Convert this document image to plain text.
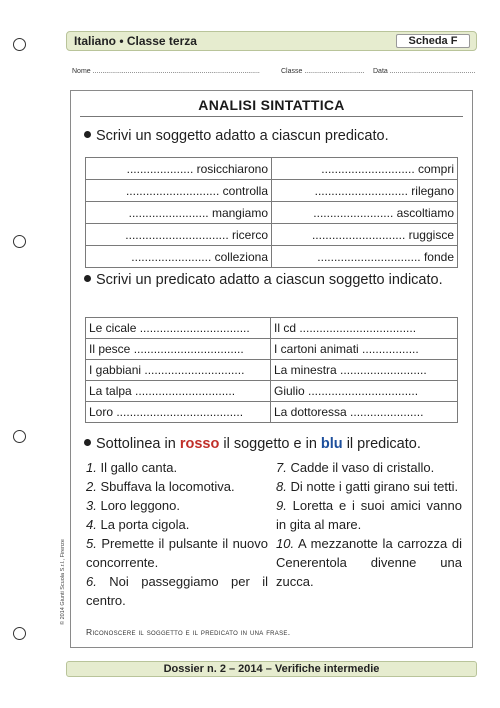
Italiano • Classe terza	Scheda F
Nome ......................................................................................	Classe ............................... Data ............................................
ANALISI SINTATTICA
Scrivi un soggetto adatto a ciascun predicato.
.................... rosicchiarono	............................ compri
............................ controlla	............................ rilegano
........................ mangiamo	........................ ascoltiamo
............................... ricerco	............................ ruggisce
........................ collezionа	............................... fonde
Scrivi un predicato adatto a ciascun soggetto indicato.
Le cicale .................................	Il cd ...................................
Il pesce .................................	I cartoni animati .................
I gabbiani ..............................	La minestra ..........................
La talpa ..............................	Giulio .................................
Loro ......................................	La dottoressa ......................
Sottolinea in rosso il soggetto e in blu il predicato.
1. Il gallo canta.
2. Sbuffava la locomotiva.
3. Loro leggono.
4. La porta cigola.
5. Premette il pulsante il nuovo concorrente.
6. Noi passeggiamo per il centro.
7. Cadde il vaso di cristallo.
8. Di notte i gatti girano sui tetti.
9. Loretta e i suoi amici vanno in gita al mare.
10. A mezzanotte la carrozza di Cenerentola divenne una zucca.
Riconoscere il soggetto e il predicato in una frase.
Dossier n. 2 – 2014 – Verifiche intermedie
© 2014 Giunti Scuola S.r.l., Firenze
